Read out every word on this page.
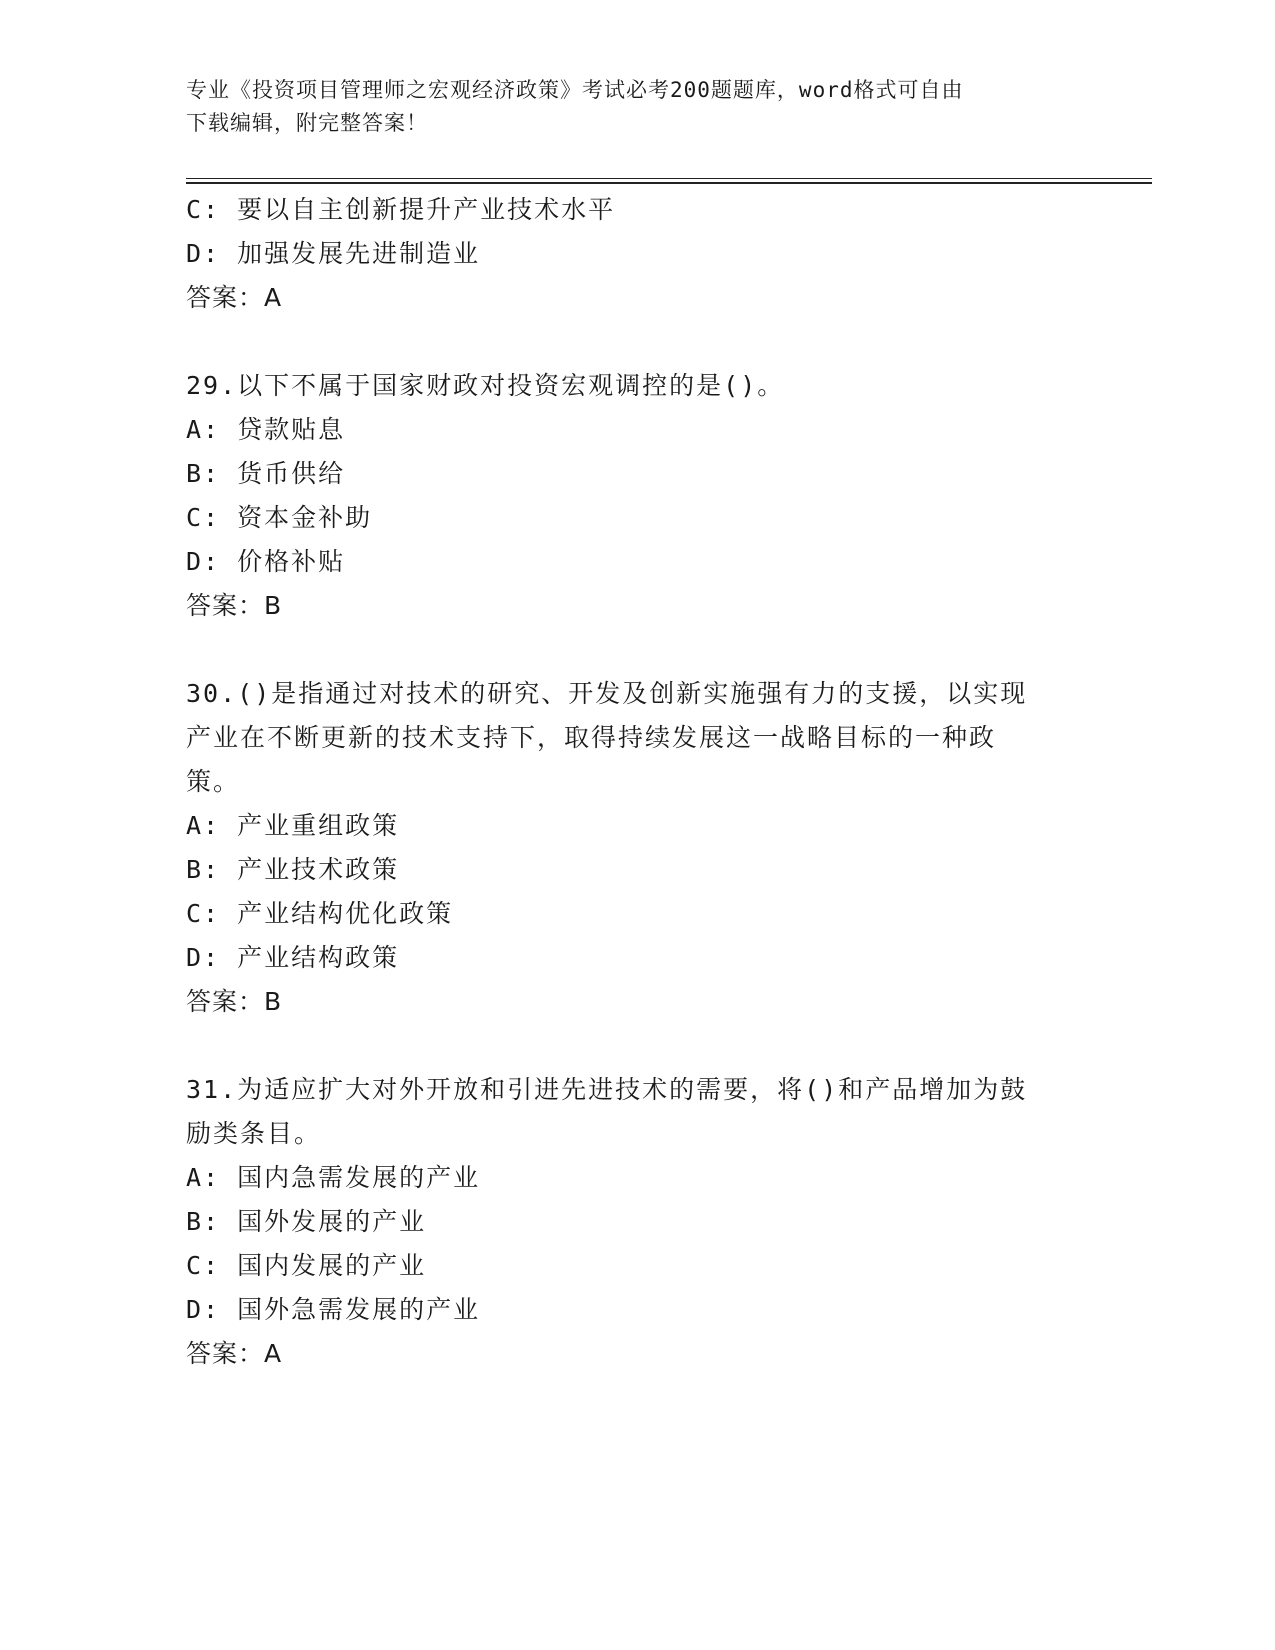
专业《投资项目管理师之宏观经济政策》考试必考200题题库，word格式可自由
下载编辑，附完整答案！
C: 要以自主创新提升产业技术水平
D: 加强发展先进制造业
答案：A
29.以下不属于国家财政对投资宏观调控的是()。
A: 贷款贴息
B: 货币供给
C: 资本金补助
D: 价格补贴
答案：B
30.()是指通过对技术的研究、开发及创新实施强有力的支援，以实现
产业在不断更新的技术支持下，取得持续发展这一战略目标的一种政
策。
A: 产业重组政策
B: 产业技术政策
C: 产业结构优化政策
D: 产业结构政策
答案：B
31.为适应扩大对外开放和引进先进技术的需要，将()和产品增加为鼓
励类条目。
A: 国内急需发展的产业
B: 国外发展的产业
C: 国内发展的产业
D: 国外急需发展的产业
答案：A
